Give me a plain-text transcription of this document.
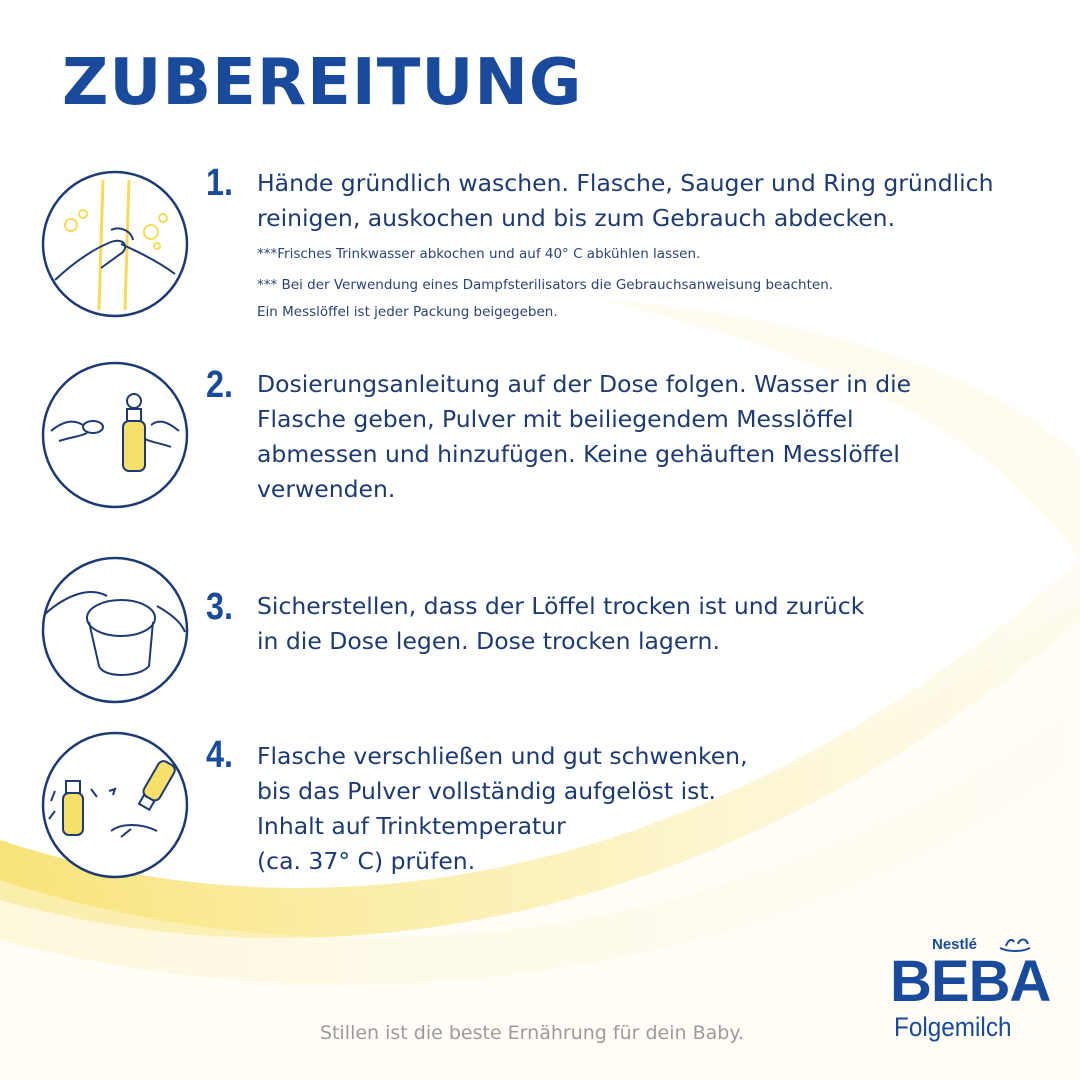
ZUBEREITUNG
1. Hände gründlich waschen. Flasche, Sauger und Ring gründlich
reinigen, auskochen und bis zum Gebrauch abdecken.
***Frisches Trinkwasser abkochen und auf 40° C abkühlen lassen.
*** Bei der Verwendung eines Dampfsterilisators die Gebrauchsanweisung beachten.
Ein Messlöffel ist jeder Packung beigegeben.
2. Dosierungsanleitung auf der Dose folgen. Wasser in die
Flasche geben, Pulver mit beiliegendem Messlöffel
abmessen und hinzufügen. Keine gehäuften Messlöffel
verwenden.
3. Sicherstellen, dass der Löffel trocken ist und zurück
in die Dose legen. Dose trocken lagern.
4. Flasche verschließen und gut schwenken,
bis das Pulver vollständig aufgelöst ist.
Inhalt auf Trinktemperatur
(ca. 37° C) prüfen.
Stillen ist die beste Ernährung für dein Baby.
Nestlé
BEBA
Folgemilch
